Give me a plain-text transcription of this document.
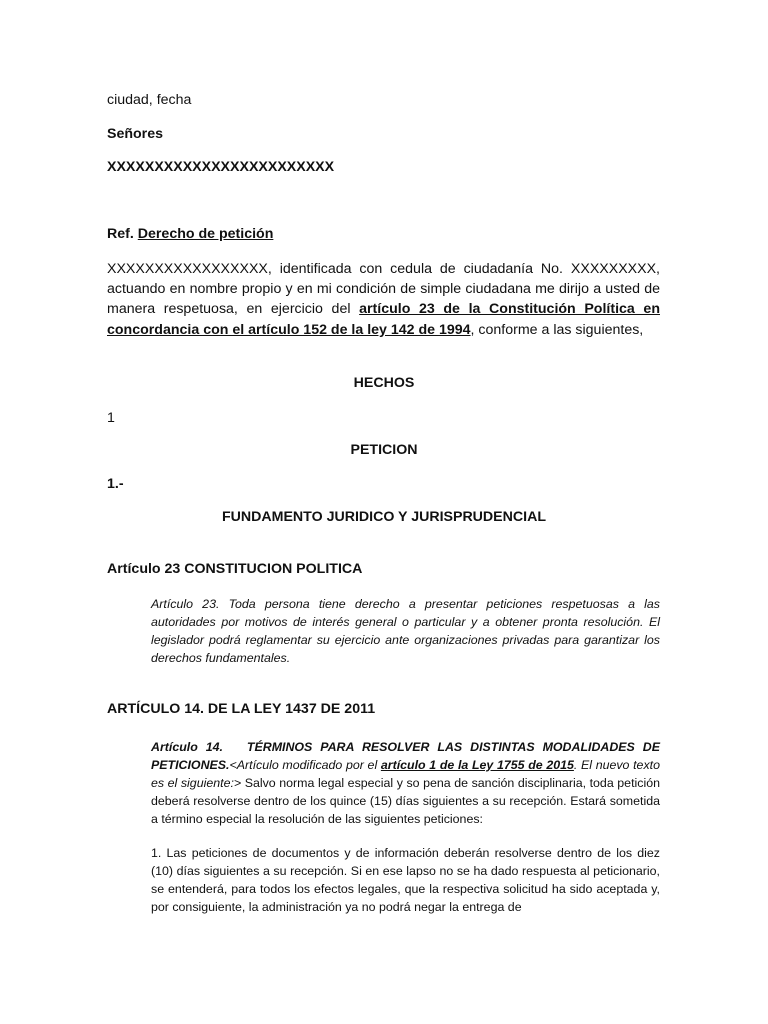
ciudad, fecha
Señores
XXXXXXXXXXXXXXXXXXXXXXXX
Ref. Derecho de petición
XXXXXXXXXXXXXXXXX, identificada con cedula de ciudadanía No. XXXXXXXXX, actuando en nombre propio y en mi condición de simple ciudadana me dirijo a usted de manera respetuosa, en ejercicio del artículo 23 de la Constitución Política en concordancia con el artículo 152 de la ley 142 de 1994, conforme a las siguientes,
HECHOS
1
PETICION
1.-
FUNDAMENTO JURIDICO Y JURISPRUDENCIAL
Artículo 23 CONSTITUCION POLITICA
Artículo 23. Toda persona tiene derecho a presentar peticiones respetuosas a las autoridades por motivos de interés general o particular y a obtener pronta resolución. El legislador podrá reglamentar su ejercicio ante organizaciones privadas para garantizar los derechos fundamentales.
ARTÍCULO 14. DE LA LEY 1437 DE 2011
Artículo 14. TÉRMINOS PARA RESOLVER LAS DISTINTAS MODALIDADES DE PETICIONES.<Artículo modificado por el artículo 1 de la Ley 1755 de 2015. El nuevo texto es el siguiente:> Salvo norma legal especial y so pena de sanción disciplinaria, toda petición deberá resolverse dentro de los quince (15) días siguientes a su recepción. Estará sometida a término especial la resolución de las siguientes peticiones:
1. Las peticiones de documentos y de información deberán resolverse dentro de los diez (10) días siguientes a su recepción. Si en ese lapso no se ha dado respuesta al peticionario, se entenderá, para todos los efectos legales, que la respectiva solicitud ha sido aceptada y, por consiguiente, la administración ya no podrá negar la entrega de
